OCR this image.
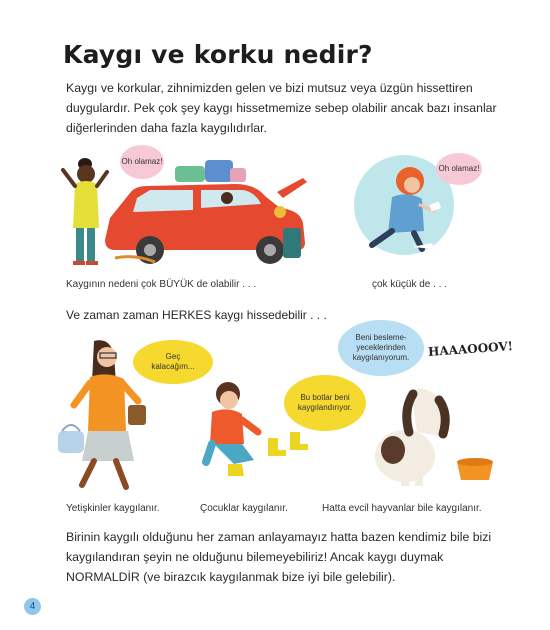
Kaygı ve korku nedir?
Kaygı ve korkular, zihnimizden gelen ve bizi mutsuz veya üzgün hissettiren duygulardır. Pek çok şey kaygı hissetmemize sebep olabilir ancak bazı insanlar diğerlerinden daha fazla kaygılıdırlar.
Oh olamaz!
Oh olamaz!
Kaygının nedeni çok BÜYÜK de olabilir . . .	çok küçük de . . .
Ve zaman zaman HERKES kaygı hissedebilir . . .
Geç kalacağım...
Bu botlar beni kaygılandırıyor.
Beni besleme-yeceklerinden kaygılanıyorum.	HAAAOOOV!
Yetişkinler kaygılanır.	Çocuklar kaygılanır.	Hatta evcil hayvanlar bile kaygılanır.
Birinin kaygılı olduğunu her zaman anlayamayız hatta bazen kendimiz bile bizi kaygılandıran şeyin ne olduğunu bilemeyebiliriz! Ancak kaygı duymak NORMALDİR (ve birazcık kaygılanmak bize iyi bile gelebilir).
4
